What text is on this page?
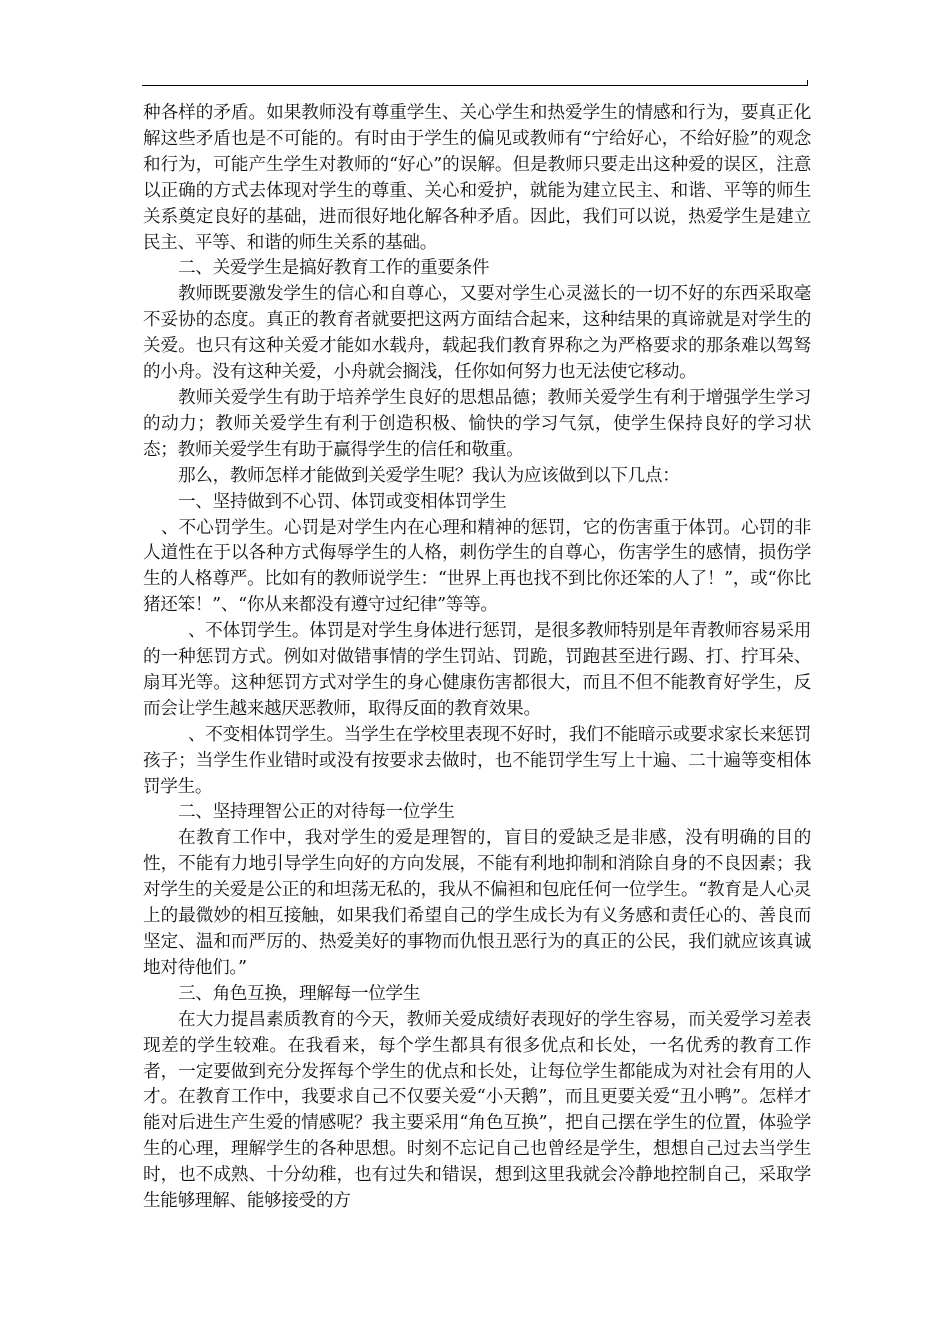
种各样的矛盾。如果教师没有尊重学生、关心学生和热爱学生的情感和行为，要真正化解这些矛盾也是不可能的。有时由于学生的偏见或教师有“宁给好心，不给好脸”的观念和行为，可能产生学生对教师的“好心”的误解。但是教师只要走出这种爱的误区，注意以正确的方式去体现对学生的尊重、关心和爱护，就能为建立民主、和谐、平等的师生关系奠定良好的基础，进而很好地化解各种矛盾。因此，我们可以说，热爱学生是建立民主、平等、和谐的师生关系的基础。

二、关爱学生是搞好教育工作的重要条件

教师既要激发学生的信心和自尊心，又要对学生心灵滋长的一切不好的东西采取毫不妥协的态度。真正的教育者就要把这两方面结合起来，这种结果的真谛就是对学生的关爱。也只有这种关爱才能如水载舟，载起我们教育界称之为严格要求的那条难以驾驽的小舟。没有这种关爱，小舟就会搁浅，任你如何努力也无法使它移动。

教师关爱学生有助于培养学生良好的思想品德；教师关爱学生有利于增强学生学习的动力；教师关爱学生有利于创造积极、愉快的学习气氛，使学生保持良好的学习状态；教师关爱学生有助于赢得学生的信任和敬重。

那么，教师怎样才能做到关爱学生呢？我认为应该做到以下几点：

一、坚持做到不心罚、体罚或变相体罚学生

、不心罚学生。心罚是对学生内在心理和精神的惩罚，它的伤害重于体罚。心罚的非人道性在于以各种方式侮辱学生的人格，刺伤学生的自尊心，伤害学生的感情，损伤学生的人格尊严。比如有的教师说学生：“世界上再也找不到比你还笨的人了！”，或“你比猪还笨！”、“你从来都没有遵守过纪律”等等。

、不体罚学生。体罚是对学生身体进行惩罚，是很多教师特别是年青教师容易采用的一种惩罚方式。例如对做错事情的学生罚站、罚跪，罚跑甚至进行踢、打、拧耳朵、扇耳光等。这种惩罚方式对学生的身心健康伤害都很大，而且不但不能教育好学生，反而会让学生越来越厌恶教师，取得反面的教育效果。

、不变相体罚学生。当学生在学校里表现不好时，我们不能暗示或要求家长来惩罚孩子；当学生作业错时或没有按要求去做时，也不能罚学生写上十遍、二十遍等变相体罚学生。

二、坚持理智公正的对待每一位学生

在教育工作中，我对学生的爱是理智的，盲目的爱缺乏是非感，没有明确的目的性，不能有力地引导学生向好的方向发展，不能有利地抑制和消除自身的不良因素；我对学生的关爱是公正的和坦荡无私的，我从不偏袒和包庇任何一位学生。“教育是人心灵上的最微妙的相互接触，如果我们希望自己的学生成长为有义务感和责任心的、善良而坚定、温和而严厉的、热爱美好的事物而仇恨丑恶行为的真正的公民，我们就应该真诚地对待他们。”

三、角色互换，理解每一位学生

在大力提昌素质教育的今天，教师关爱成绩好表现好的学生容易，而关爱学习差表现差的学生较难。在我看来，每个学生都具有很多优点和长处，一名优秀的教育工作者，一定要做到充分发挥每个学生的优点和长处，让每位学生都能成为对社会有用的人才。在教育工作中，我要求自己不仅要关爱“小天鹅”，而且更要关爱“丑小鸭”。怎样才能对后进生产生爱的情感呢？我主要采用“角色互换”，把自己摆在学生的位置，体验学生的心理，理解学生的各种思想。时刻不忘记自己也曾经是学生，想想自己过去当学生时，也不成熟、十分幼稚，也有过失和错误，想到这里我就会冷静地控制自己，采取学生能够理解、能够接受的方
